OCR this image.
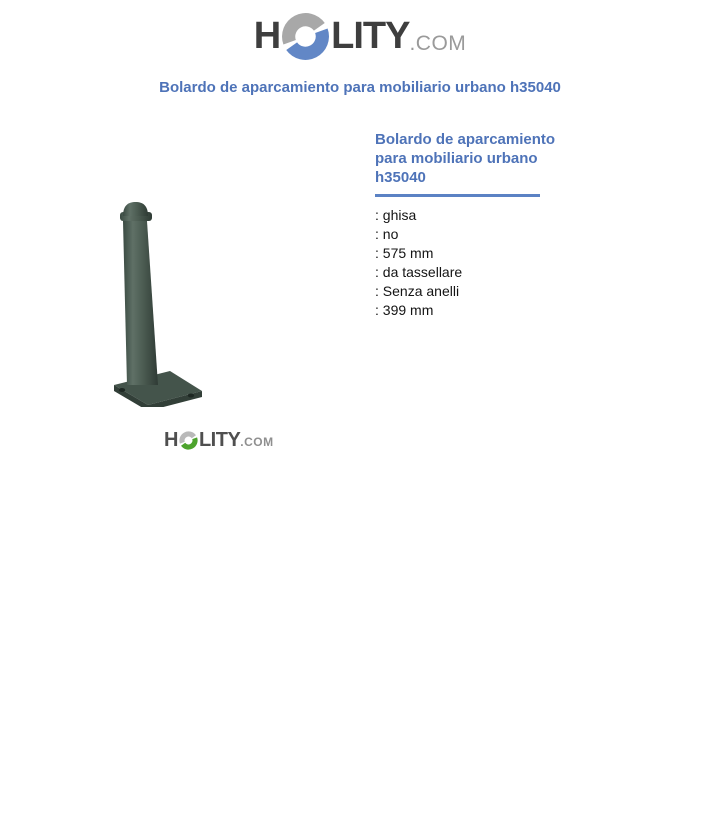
H LITY .COM
Bolardo de aparcamiento para mobiliario urbano h35040
H LITY .COM
Bolardo de aparcamiento para mobiliario urbano h35040
: ghisa
: no
: 575 mm
: da tassellare
: Senza anelli
: 399 mm
